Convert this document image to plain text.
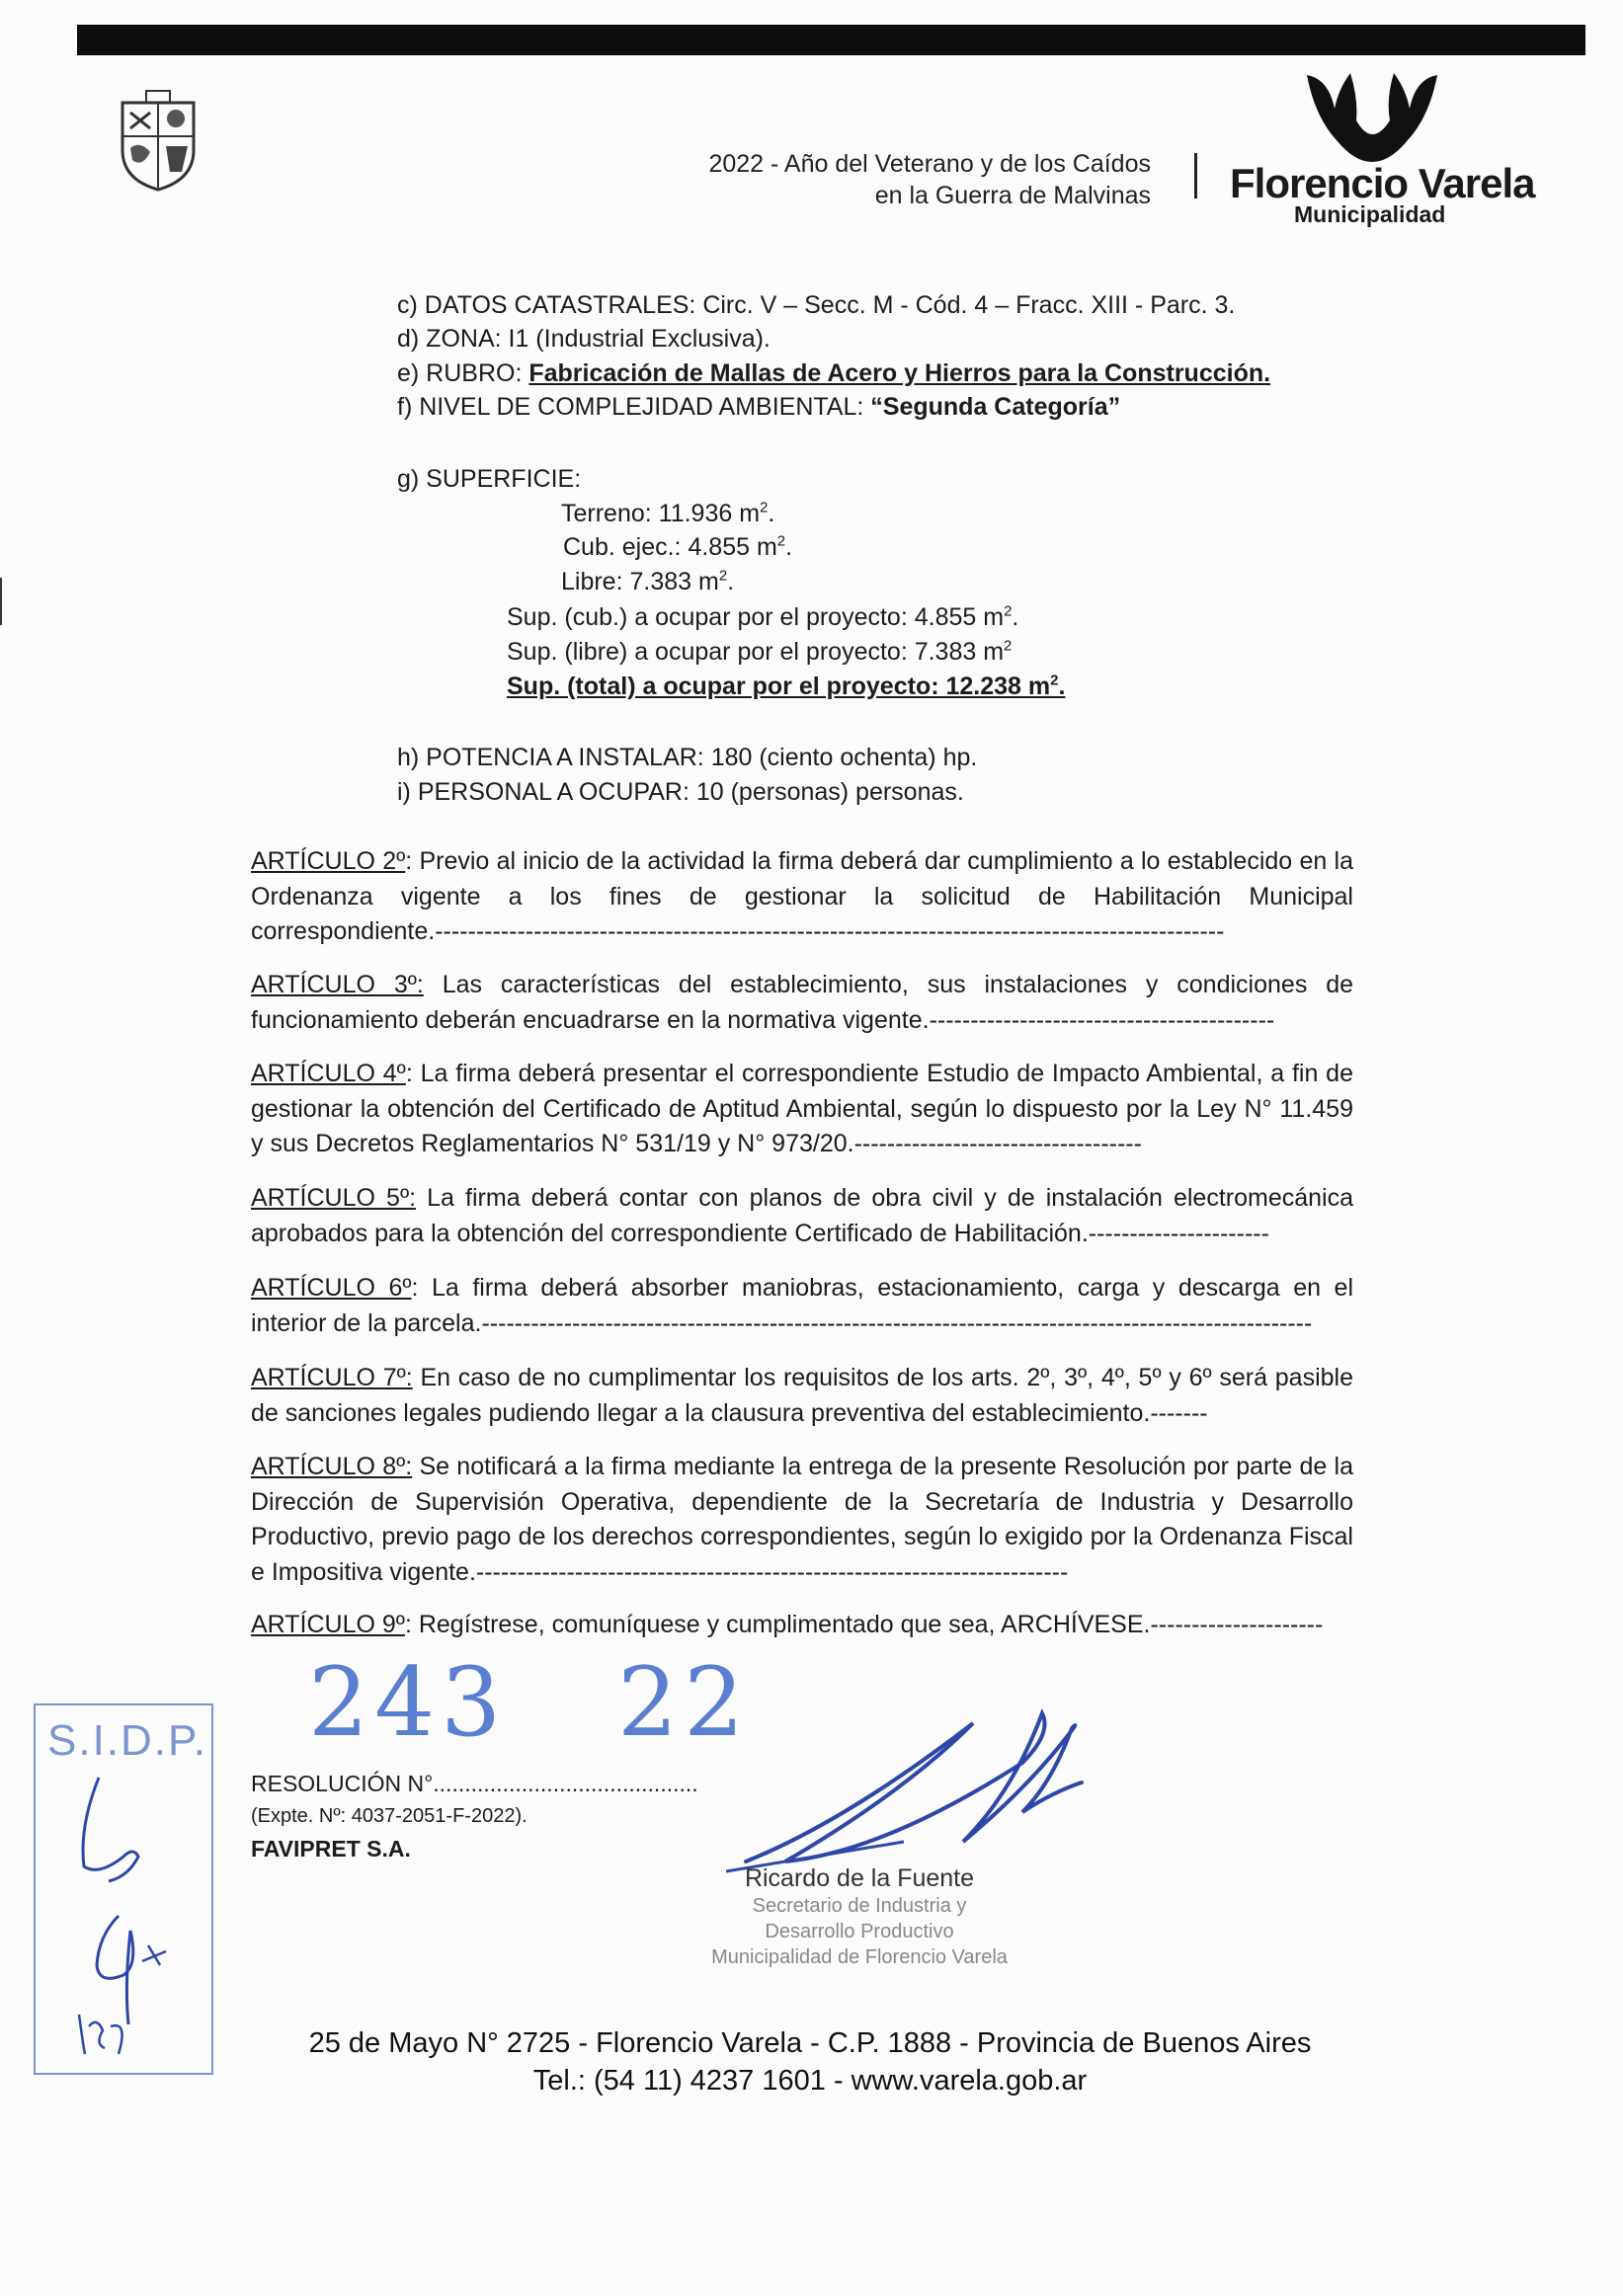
2022 - Año del Veterano y de los Caídos
en la Guerra de Malvinas Florencio Varela
Municipalidad
c) DATOS CATASTRALES: Circ. V – Secc. M - Cód. 4 – Fracc. XIII - Parc. 3.
d) ZONA: I1 (Industrial Exclusiva).
e) RUBRO: Fabricación de Mallas de Acero y Hierros para la Construcción.
f) NIVEL DE COMPLEJIDAD AMBIENTAL: “Segunda Categoría”
g) SUPERFICIE:
Terreno: 11.936 $m^2$.
Cub. ejec.: 4.855 $m^2$.
Libre: 7.383 $m^2$.
Sup. (cub.) a ocupar por el proyecto: 4.855 $m^2$.
Sup. (libre) a ocupar por el proyecto: 7.383 $m^2$
Sup. (total) a ocupar por el proyecto: 12.238 $m^2$.
h) POTENCIA A INSTALAR: 180 (ciento ochenta) hp.
i) PERSONAL A OCUPAR: 10 (personas) personas.
ARTÍCULO 2º: Previo al inicio de la actividad la firma deberá dar cumplimiento a lo establecido en la Ordenanza vigente a los fines de gestionar la solicitud de Habilitación Municipal correspondiente.------------------------------------------------------------------------------------------------
ARTÍCULO 3º: Las características del establecimiento, sus instalaciones y condiciones de funcionamiento deberán encuadrarse en la normativa vigente.------------------------------------------
ARTÍCULO 4º: La firma deberá presentar el correspondiente Estudio de Impacto Ambiental, a fin de gestionar la obtención del Certificado de Aptitud Ambiental, según lo dispuesto por la Ley N° 11.459 y sus Decretos Reglamentarios N° 531/19 y N° 973/20.-----------------------------------
ARTÍCULO 5º: La firma deberá contar con planos de obra civil y de instalación electromecánica aprobados para la obtención del correspondiente Certificado de Habilitación.----------------------
ARTÍCULO 6º: La firma deberá absorber maniobras, estacionamiento, carga y descarga en el interior de la parcela.-----------------------------------------------------------------------------------------------------
ARTÍCULO 7º: En caso de no cumplimentar los requisitos de los arts. 2º, 3º, 4º, 5º y 6º será pasible de sanciones legales pudiendo llegar a la clausura preventiva del establecimiento.-------
ARTÍCULO 8º: Se notificará a la firma mediante la entrega de la presente Resolución por parte de la Dirección de Supervisión Operativa, dependiente de la Secretaría de Industria y Desarrollo Productivo, previo pago de los derechos correspondientes, según lo exigido por la Ordenanza Fiscal e Impositiva vigente.------------------------------------------------------------------------
ARTÍCULO 9º: Regístrese, comuníquese y cumplimentado que sea, ARCHÍVESE.---------------------
243 22
RESOLUCIÓN N°..........................................
(Expte. Nº: 4037-2051-F-2022).
FAVIPRET S.A.
S.I.D.P.
Ricardo de la Fuente
Secretario de Industria y
Desarrollo Productivo
Municipalidad de Florencio Varela
25 de Mayo N° 2725 - Florencio Varela - C.P. 1888 - Provincia de Buenos Aires
Tel.: (54 11) 4237 1601 - www.varela.gob.ar
